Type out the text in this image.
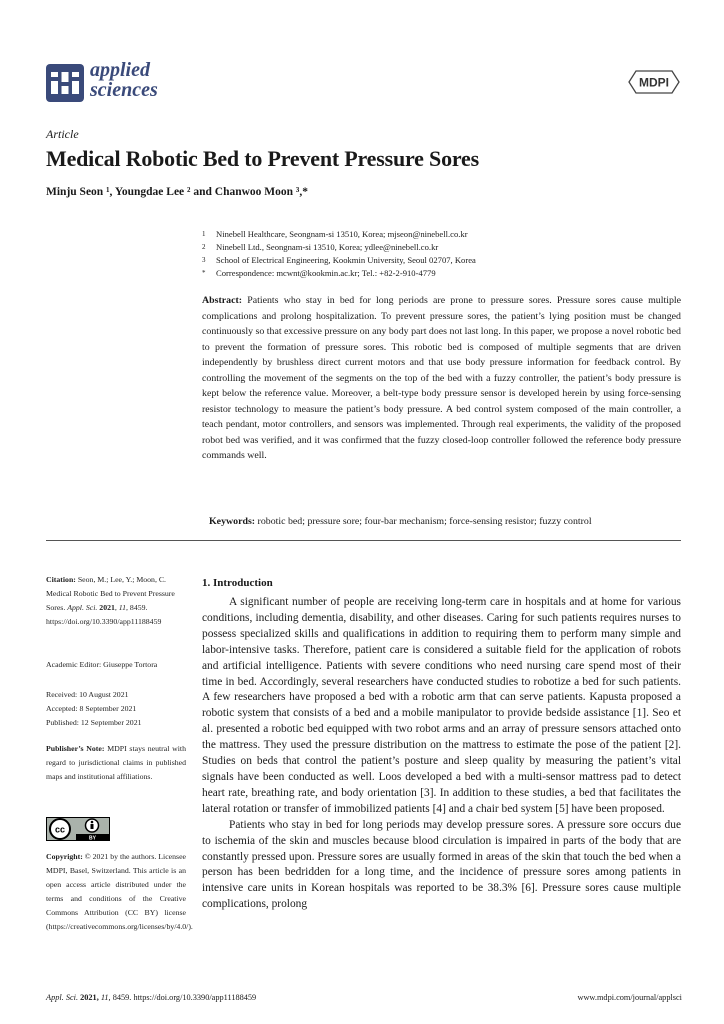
applied
sciences	MDPI
Article
Medical Robotic Bed to Prevent Pressure Sores
Minju Seon ¹, Youngdae Lee ² and Chanwoo Moon ³,*
1	Ninebell Healthcare, Seongnam-si 13510, Korea; mjseon@ninebell.co.kr
2	Ninebell Ltd., Seongnam-si 13510, Korea; ydlee@ninebell.co.kr
3	School of Electrical Engineering, Kookmin University, Seoul 02707, Korea
*	Correspondence: mcwnt@kookmin.ac.kr; Tel.: +82-2-910-4779
Abstract: Patients who stay in bed for long periods are prone to pressure sores. Pressure sores cause multiple complications and prolong hospitalization. To prevent pressure sores, the patient’s lying position must be changed continuously so that excessive pressure on any body part does not last long. In this paper, we propose a novel robotic bed to prevent the formation of pressure sores. This robotic bed is composed of multiple segments that are driven independently by brushless direct current motors and that use body pressure information for feedback control. By controlling the movement of the segments on the top of the bed with a fuzzy controller, the patient’s body pressure is kept below the reference value. Moreover, a belt-type body pressure sensor is developed herein by using force-sensing resistor technology to measure the patient’s body pressure. A bed control system composed of the main controller, a teach pendant, motor controllers, and sensors was implemented. Through real experiments, the validity of the proposed robot bed was verified, and it was confirmed that the fuzzy closed-loop controller followed the reference body pressure commands well.
Keywords: robotic bed; pressure sore; four-bar mechanism; force-sensing resistor; fuzzy control
Citation: Seon, M.; Lee, Y.; Moon, C. Medical Robotic Bed to Prevent Pressure Sores. Appl. Sci. 2021, 11, 8459. https://doi.org/10.3390/app11188459
Academic Editor: Giuseppe Tortora
Received: 10 August 2021
Accepted: 8 September 2021
Published: 12 September 2021
Publisher’s Note: MDPI stays neutral with regard to jurisdictional claims in published maps and institutional affiliations.
cc
BY
Copyright: © 2021 by the authors. Licensee MDPI, Basel, Switzerland. This article is an open access article distributed under the terms and conditions of the Creative Commons Attribution (CC BY) license (https://creativecommons.org/licenses/by/4.0/).
1. Introduction

A significant number of people are receiving long-term care in hospitals and at home for various conditions, including dementia, disability, and other diseases. Caring for such patients requires nurses to possess specialized skills and qualifications in addition to requiring them to perform many simple and labor-intensive tasks. Therefore, patient care is considered a suitable field for the application of robots and artificial intelligence. Patients with severe conditions who need nursing care spend most of their time in bed. Accordingly, several researchers have conducted studies to robotize a bed for such patients. A few researchers have proposed a bed with a robotic arm that can serve patients. Kapusta proposed a robotic system that consists of a bed and a mobile manipulator to provide bedside assistance [1]. Seo et al. presented a robotic bed equipped with two robot arms and an array of pressure sensors attached onto the mattress. They used the pressure distribution on the mattress to estimate the pose of the patient [2]. Studies on beds that control the patient’s posture and sleep quality by measuring the patient’s vital signals have been conducted as well. Loos developed a bed with a multi-sensor mattress pad to detect heart rate, breathing rate, and body orientation [3]. In addition to these studies, a bed that facilitates the lateral rotation or transfer of immobilized patients [4] and a chair bed system [5] have been proposed.

Patients who stay in bed for long periods may develop pressure sores. A pressure sore occurs due to ischemia of the skin and muscles because blood circulation is impaired in parts of the body that are constantly pressed upon. Pressure sores are usually formed in areas of the skin that touch the bed when a person has been bedridden for a long time, and the incidence of pressure sores among patients in intensive care units in Korean hospitals was reported to be 38.3% [6]. Pressure sores cause multiple complications, prolong

Appl. Sci. 2021, 11, 8459. https://doi.org/10.3390/app11188459	www.mdpi.com/journal/applsci
